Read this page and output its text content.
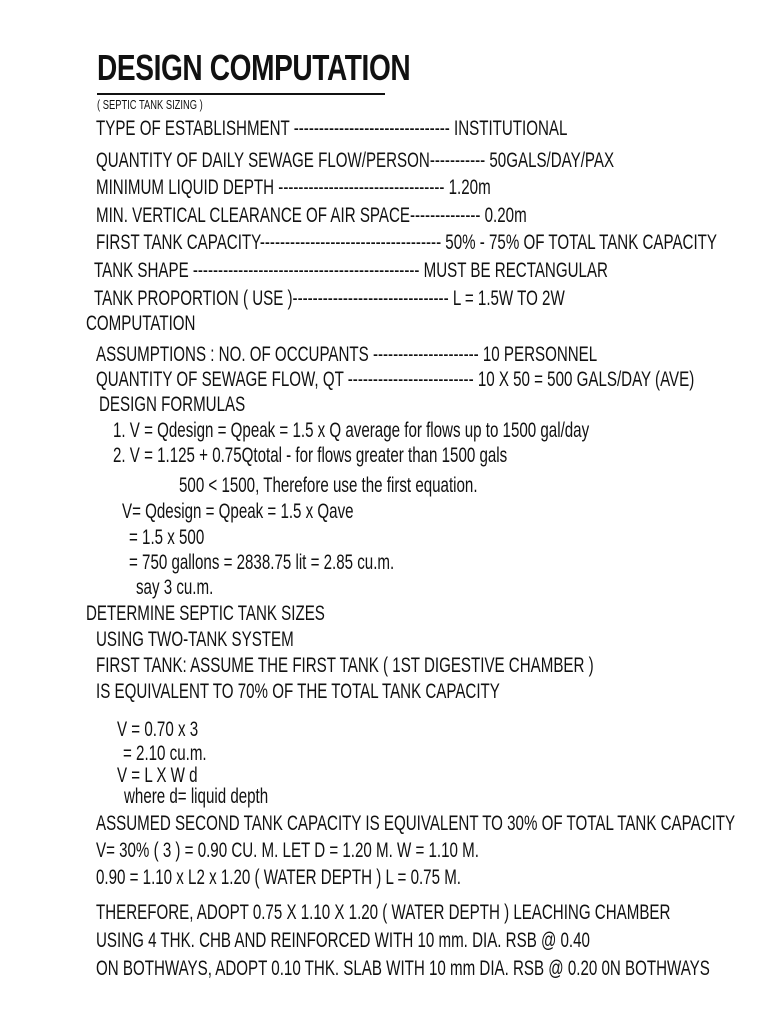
DESIGN COMPUTATION
( SEPTIC TANK SIZING )
TYPE OF ESTABLISHMENT ------------------------------- INSTITUTIONAL
QUANTITY OF DAILY SEWAGE FLOW/PERSON----------- 50GALS/DAY/PAX
MINIMUM LIQUID DEPTH --------------------------------- 1.20m
MIN. VERTICAL CLEARANCE OF AIR SPACE-------------- 0.20m
FIRST TANK CAPACITY------------------------------------ 50% - 75% OF TOTAL TANK CAPACITY
TANK SHAPE --------------------------------------------- MUST BE RECTANGULAR
TANK PROPORTION ( USE )------------------------------- L = 1.5W TO 2W
COMPUTATION
ASSUMPTIONS : NO. OF OCCUPANTS --------------------- 10 PERSONNEL
QUANTITY OF SEWAGE FLOW, QT ------------------------- 10 X 50 = 500 GALS/DAY (AVE)
DESIGN FORMULAS
1. V = Qdesign = Qpeak = 1.5 x Q average for flows up to 1500 gal/day
2. V = 1.125 + 0.75Qtotal - for flows greater than 1500 gals
500 < 1500, Therefore use the first equation.
V= Qdesign = Qpeak = 1.5 x Qave
= 1.5 x 500
= 750 gallons = 2838.75 lit = 2.85 cu.m.
say 3 cu.m.
DETERMINE SEPTIC TANK SIZES
USING TWO-TANK SYSTEM
FIRST TANK: ASSUME THE FIRST TANK ( 1ST DIGESTIVE CHAMBER )
IS EQUIVALENT TO 70% OF THE TOTAL TANK CAPACITY
V = 0.70 x 3
= 2.10 cu.m.
V = L X W d
where d= liquid depth
ASSUMED SECOND TANK CAPACITY IS EQUIVALENT TO 30% OF TOTAL TANK CAPACITY
V= 30% ( 3 ) = 0.90 CU. M. LET D = 1.20 M. W = 1.10 M.
0.90 = 1.10 x L2 x 1.20 ( WATER DEPTH ) L = 0.75 M.
THEREFORE, ADOPT 0.75 X 1.10 X 1.20 ( WATER DEPTH ) LEACHING CHAMBER
USING 4 THK. CHB AND REINFORCED WITH 10 mm. DIA. RSB @ 0.40
ON BOTHWAYS, ADOPT 0.10 THK. SLAB WITH 10 mm DIA. RSB @ 0.20 0N BOTHWAYS
